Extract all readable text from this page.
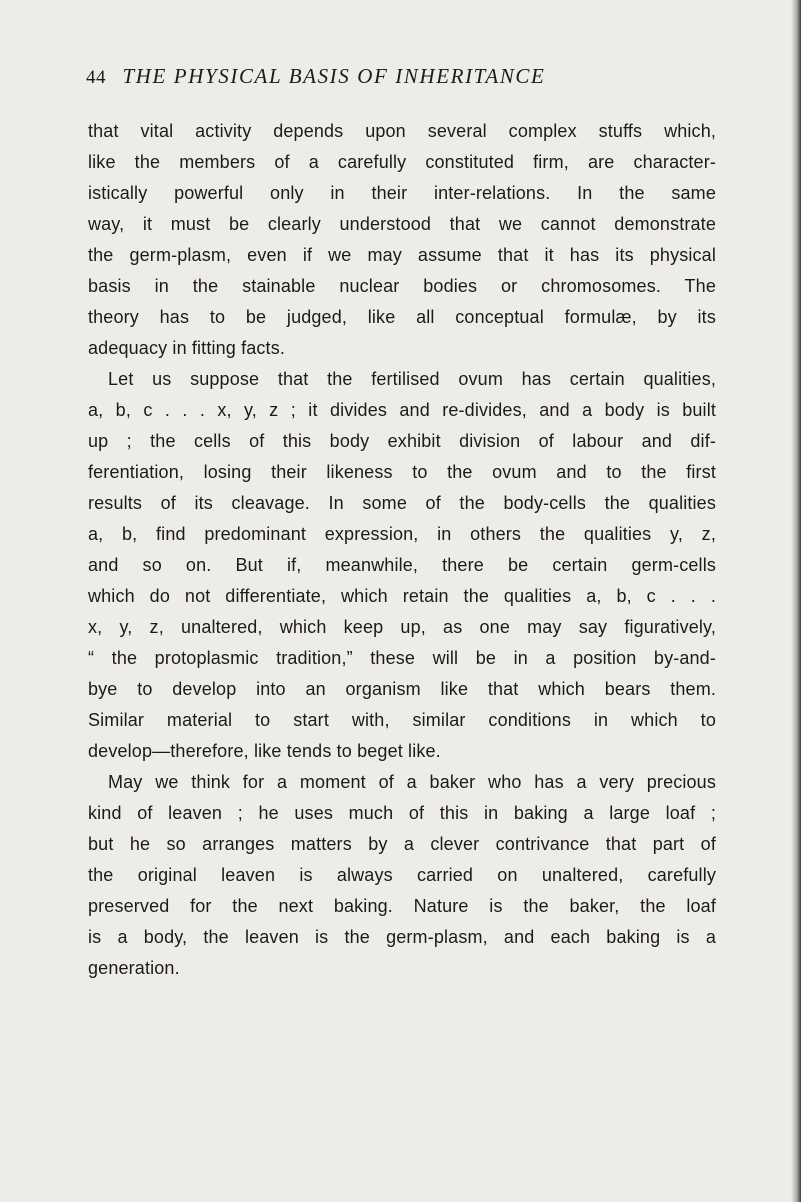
44 THE PHYSICAL BASIS OF INHERITANCE
that vital activity depends upon several complex stuffs which,
like the members of a carefully constituted firm, are character-
istically powerful only in their inter-relations. In the same
way, it must be clearly understood that we cannot demonstrate
the germ-plasm, even if we may assume that it has its physical
basis in the stainable nuclear bodies or chromosomes. The
theory has to be judged, like all conceptual formulæ, by its
adequacy in fitting facts.
Let us suppose that the fertilised ovum has certain qualities,
a, b, c . . . x, y, z ; it divides and re-divides, and a body is built
up ; the cells of this body exhibit division of labour and dif-
ferentiation, losing their likeness to the ovum and to the first
results of its cleavage. In some of the body-cells the qualities
a, b, find predominant expression, in others the qualities y, z,
and so on. But if, meanwhile, there be certain germ-cells
which do not differentiate, which retain the qualities a, b, c . . .
x, y, z, unaltered, which keep up, as one may say figuratively,
“ the protoplasmic tradition,” these will be in a position by-and-
bye to develop into an organism like that which bears them.
Similar material to start with, similar conditions in which to
develop—therefore, like tends to beget like.
May we think for a moment of a baker who has a very precious
kind of leaven ; he uses much of this in baking a large loaf ;
but he so arranges matters by a clever contrivance that part of
the original leaven is always carried on unaltered, carefully
preserved for the next baking. Nature is the baker, the loaf
is a body, the leaven is the germ-plasm, and each baking is a
generation.
